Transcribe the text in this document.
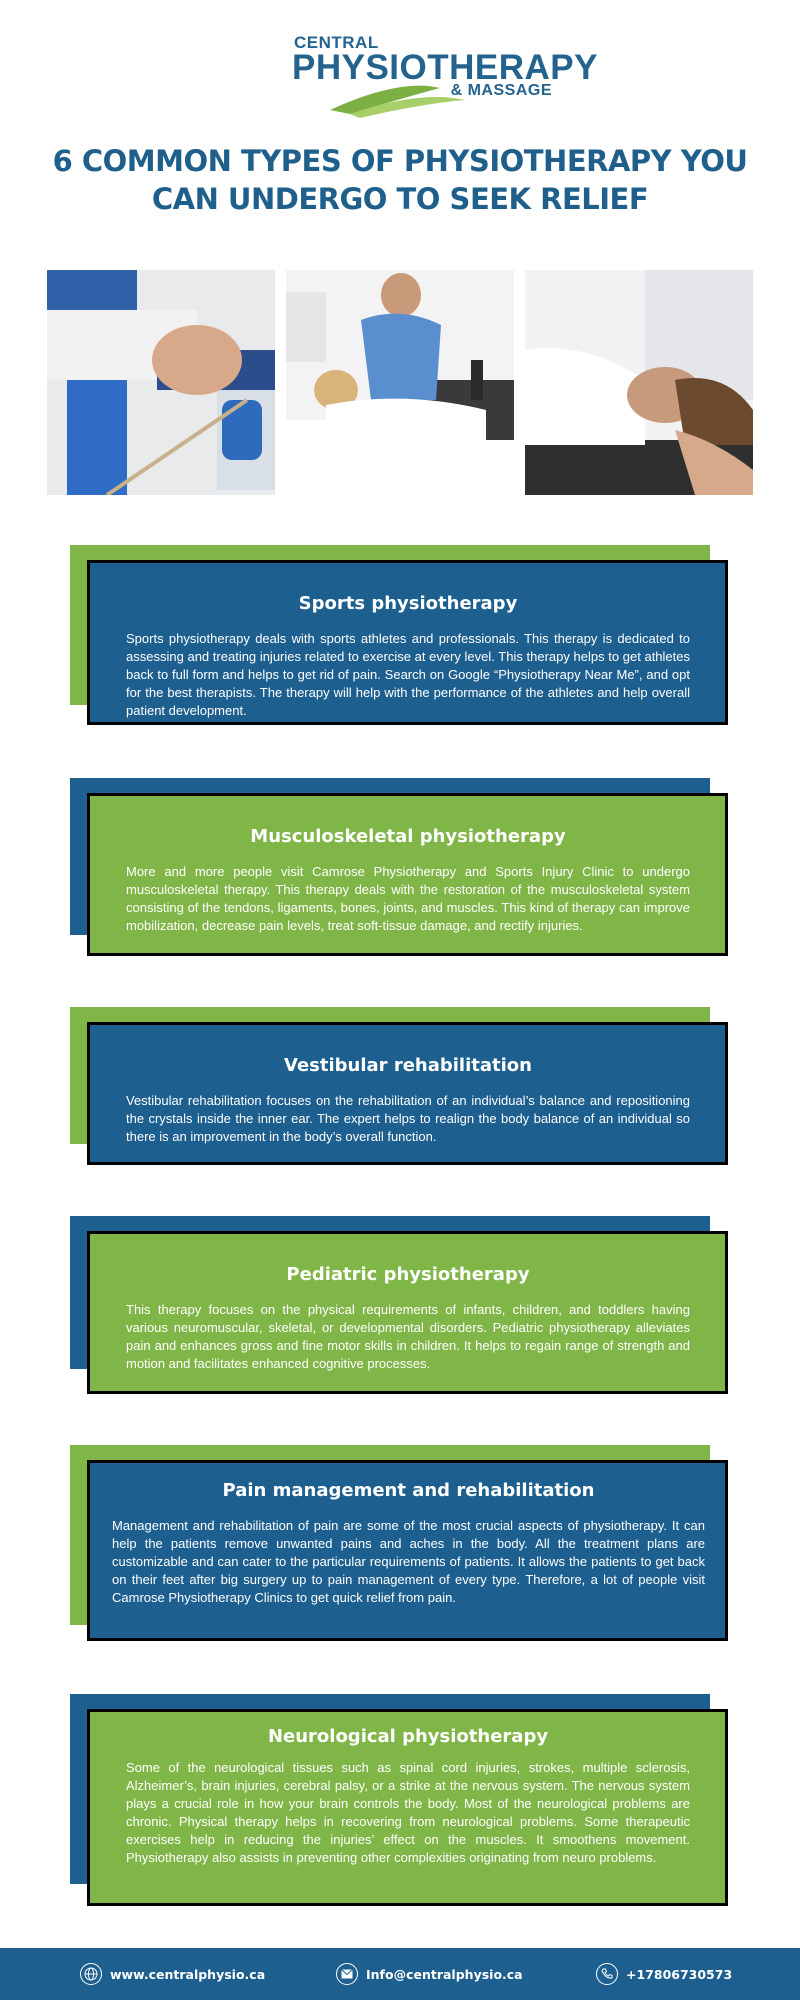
CENTRAL
PHYSIOTHERAPY
& MASSAGE
6 COMMON TYPES OF PHYSIOTHERAPY YOU CAN UNDERGO TO SEEK RELIEF
Sports physiotherapy

Sports physiotherapy deals with sports athletes and professionals. This therapy is dedicated to assessing and treating injuries related to exercise at every level. This therapy helps to get athletes back to full form and helps to get rid of pain. Search on Google “Physiotherapy Near Me”, and opt for the best therapists. The therapy will help with the performance of the athletes and help overall patient development.

Musculoskeletal physiotherapy

More and more people visit Camrose Physiotherapy and Sports Injury Clinic to undergo musculoskeletal therapy. This therapy deals with the restoration of the musculoskeletal system consisting of the tendons, ligaments, bones, joints, and muscles. This kind of therapy can improve mobilization, decrease pain levels, treat soft-tissue damage, and rectify injuries.

Vestibular rehabilitation

Vestibular rehabilitation focuses on the rehabilitation of an individual’s balance and repositioning the crystals inside the inner ear. The expert helps to realign the body balance of an individual so there is an improvement in the body’s overall function.

Pediatric physiotherapy

This therapy focuses on the physical requirements of infants, children, and toddlers having various neuromuscular, skeletal, or developmental disorders. Pediatric physiotherapy alleviates pain and enhances gross and fine motor skills in children. It helps to regain range of strength and motion and facilitates enhanced cognitive processes.

Pain management and rehabilitation

Management and rehabilitation of pain are some of the most crucial aspects of physiotherapy. It can help the patients remove unwanted pains and aches in the body. All the treatment plans are customizable and can cater to the particular requirements of patients. It allows the patients to get back on their feet after big surgery up to pain management of every type. Therefore, a lot of people visit Camrose Physiotherapy Clinics to get quick relief from pain.

Neurological physiotherapy

Some of the neurological tissues such as spinal cord injuries, strokes, multiple sclerosis, Alzheimer’s, brain injuries, cerebral palsy, or a strike at the nervous system. The nervous system plays a crucial role in how your brain controls the body. Most of the neurological problems are chronic. Physical therapy helps in recovering from neurological problems. Some therapeutic exercises help in reducing the injuries’ effect on the muscles. It smoothens movement. Physiotherapy also assists in preventing other complexities originating from neuro problems.

www.centralphysio.ca	Info@centralphysio.ca	+17806730573
